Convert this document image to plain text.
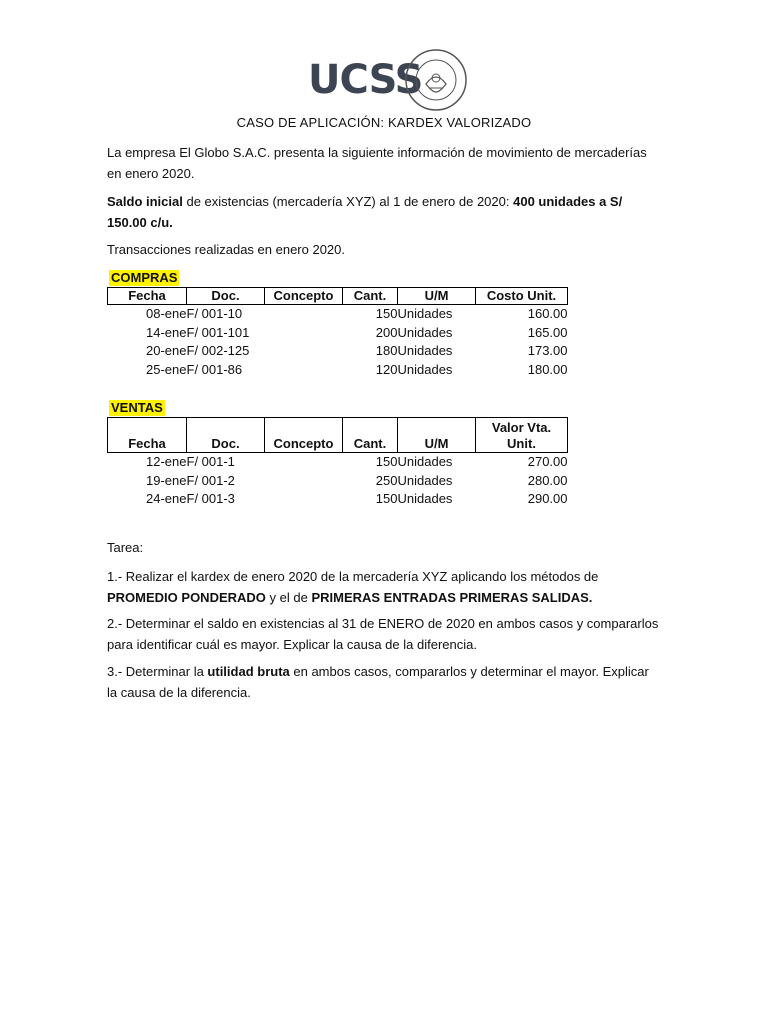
UCSS
CASO DE APLICACIÓN: KARDEX VALORIZADO
La empresa El Globo S.A.C. presenta la siguiente información de movimiento de mercaderías en enero 2020.
Saldo inicial de existencias (mercadería XYZ) al 1 de enero de 2020: 400 unidades a S/ 150.00 c/u.
Transacciones realizadas en enero 2020.
COMPRAS
Fecha	Doc.	Concepto	Cant.	U/M	Costo Unit.
08-ene	F/ 001-10		150	Unidades	160.00
14-ene	F/ 001-101		200	Unidades	165.00
20-ene	F/ 002-125		180	Unidades	173.00
25-ene	F/ 001-86		120	Unidades	180.00
VENTAS
Fecha	Doc.	Concepto	Cant.	U/M	Valor Vta.
Unit.
12-ene	F/ 001-1		150	Unidades	270.00
19-ene	F/ 001-2		250	Unidades	280.00
24-ene	F/ 001-3		150	Unidades	290.00
Tarea:
1.- Realizar el kardex de enero 2020 de la mercadería XYZ aplicando los métodos de PROMEDIO PONDERADO y el de PRIMERAS ENTRADAS PRIMERAS SALIDAS.
2.- Determinar el saldo en existencias al 31 de ENERO de 2020 en ambos casos y compararlos para identificar cuál es mayor. Explicar la causa de la diferencia.
3.- Determinar la utilidad bruta en ambos casos, compararlos y determinar el mayor. Explicar la causa de la diferencia.
